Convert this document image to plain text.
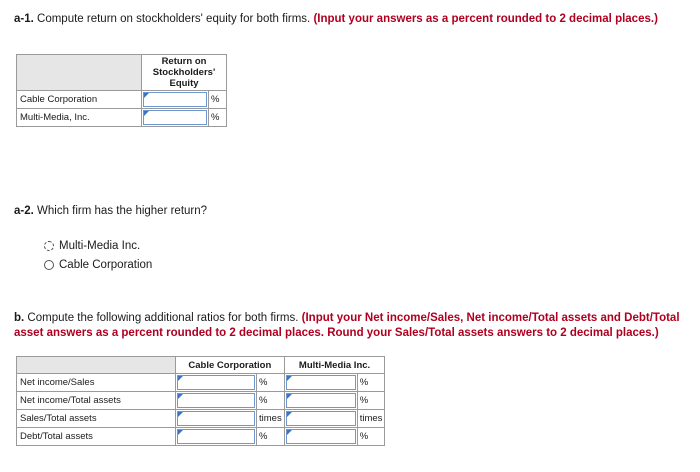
a-1. Compute return on stockholders' equity for both firms. (Input your answers as a percent rounded to 2 decimal places.)
	Return on Stockholders' Equity	
Cable Corporation		%
Multi-Media, Inc.		%
a-2. Which firm has the higher return?
Multi-Media Inc.
Cable Corporation
b. Compute the following additional ratios for both firms. (Input your Net income/Sales, Net income/Total assets and Debt/Total asset answers as a percent rounded to 2 decimal places. Round your Sales/Total assets answers to 2 decimal places.)
	Cable Corporation		Multi-Media Inc.	
Net income/Sales		%		%
Net income/Total assets		%		%
Sales/Total assets		times		times
Debt/Total assets		%		%
